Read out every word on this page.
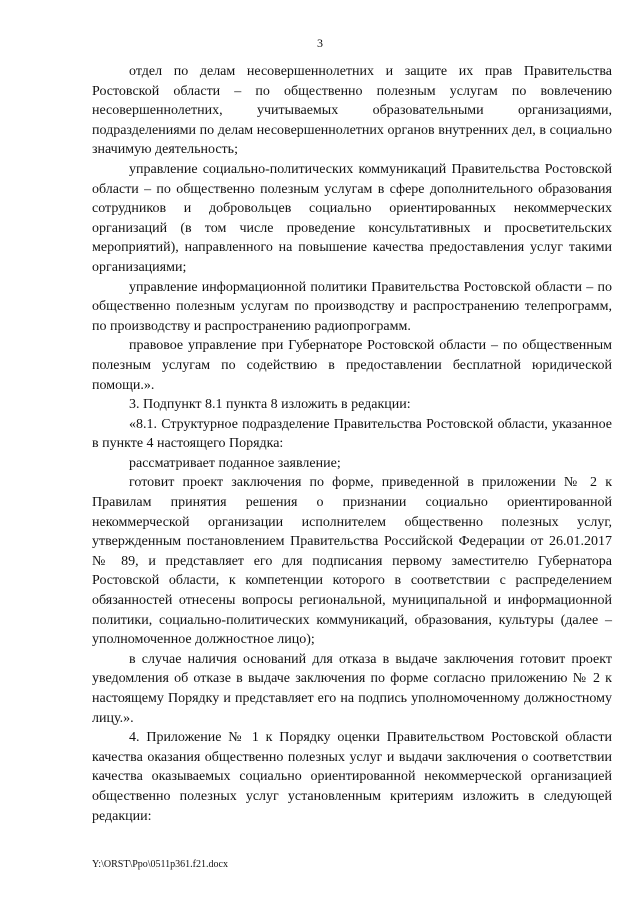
3

отдел по делам несовершеннолетних и защите их прав Правительства Ростовской области – по общественно полезным услугам по вовлечению несовершеннолетних, учитываемых образовательными организациями, подразделениями по делам несовершеннолетних органов внутренних дел, в социально значимую деятельность;

управление социально-политических коммуникаций Правительства Ростовской области – по общественно полезным услугам в сфере дополнительного образования сотрудников и добровольцев социально ориентированных некоммерческих организаций (в том числе проведение консультативных и просветительских мероприятий), направленного на повышение качества предоставления услуг такими организациями;

управление информационной политики Правительства Ростовской области – по общественно полезным услугам по производству и распространению телепрограмм, по производству и распространению радиопрограмм.

правовое управление при Губернаторе Ростовской области – по общественным полезным услугам по содействию в предоставлении бесплатной юридической помощи.».

3. Подпункт 8.1 пункта 8 изложить в редакции:

«8.1. Структурное подразделение Правительства Ростовской области, указанное в пункте 4 настоящего Порядка:

рассматривает поданное заявление;

готовит проект заключения по форме, приведенной в приложении № 2 к Правилам принятия решения о признании социально ориентированной некоммерческой организации исполнителем общественно полезных услуг, утвержденным постановлением Правительства Российской Федерации от 26.01.2017 № 89, и представляет его для подписания первому заместителю Губернатора Ростовской области, к компетенции которого в соответствии с распределением обязанностей отнесены вопросы региональной, муниципальной и информационной политики, социально-политических коммуникаций, образования, культуры (далее – уполномоченное должностное лицо);

в случае наличия оснований для отказа в выдаче заключения готовит проект уведомления об отказе в выдаче заключения по форме согласно приложению № 2 к настоящему Порядку и представляет его на подпись уполномоченному должностному лицу.».

4. Приложение № 1 к Порядку оценки Правительством Ростовской области качества оказания общественно полезных услуг и выдачи заключения о соответствии качества оказываемых социально ориентированной некоммерческой организацией общественно полезных услуг установленным критериям изложить в следующей редакции:

Y:\ORST\Ppo\0511p361.f21.docx
